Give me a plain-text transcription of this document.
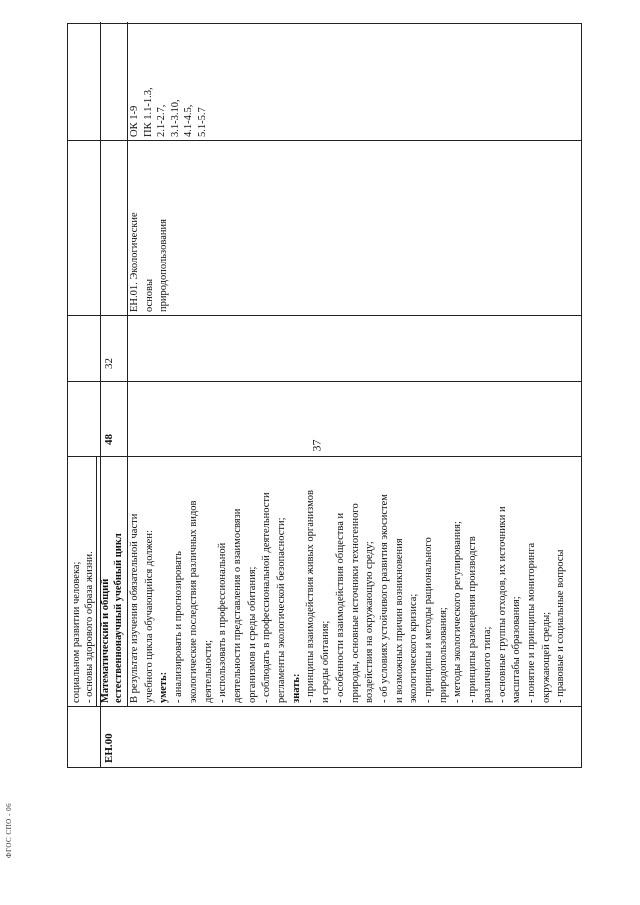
социальном развитии человека; - основы здорового образа жизни.
ЕН.00
Математический и общий естественнонаучный учебный цикл
48
32
В результате изучения обязательной части учебного цикла обучающийся должен: уметь: - анализировать и прогнозировать экологические последствия различных видов деятельности; - использовать в профессиональной деятельности представления о взаимосвязи организмов и среды обитания; - соблюдать в профессиональной деятельности регламенты экологической безопасности; знать: - принципы взаимодействия живых организмов и среды обитания; - особенности взаимодействия общества и природы, основные источники техногенного воздействия на окружающую среду; - об условиях устойчивого развития экосистем и возможных причин возникновения экологического кризиса; - принципы и методы рационального природопользования; - методы экологического регулирования; - принципы размещения производств различного типа; - основные группы отходов, их источники и масштабы образования; - понятие и принципы мониторинга окружающей среды; - правовые и социальные вопросы
ЕН.01. Экологические основы природопользования
ОК 1-9 ПК 1.1-1.3, 2.1-2.7, 3.1-3.10, 4.1-4.5, 5.1-5.7
37
ФГОС СПО - 06
